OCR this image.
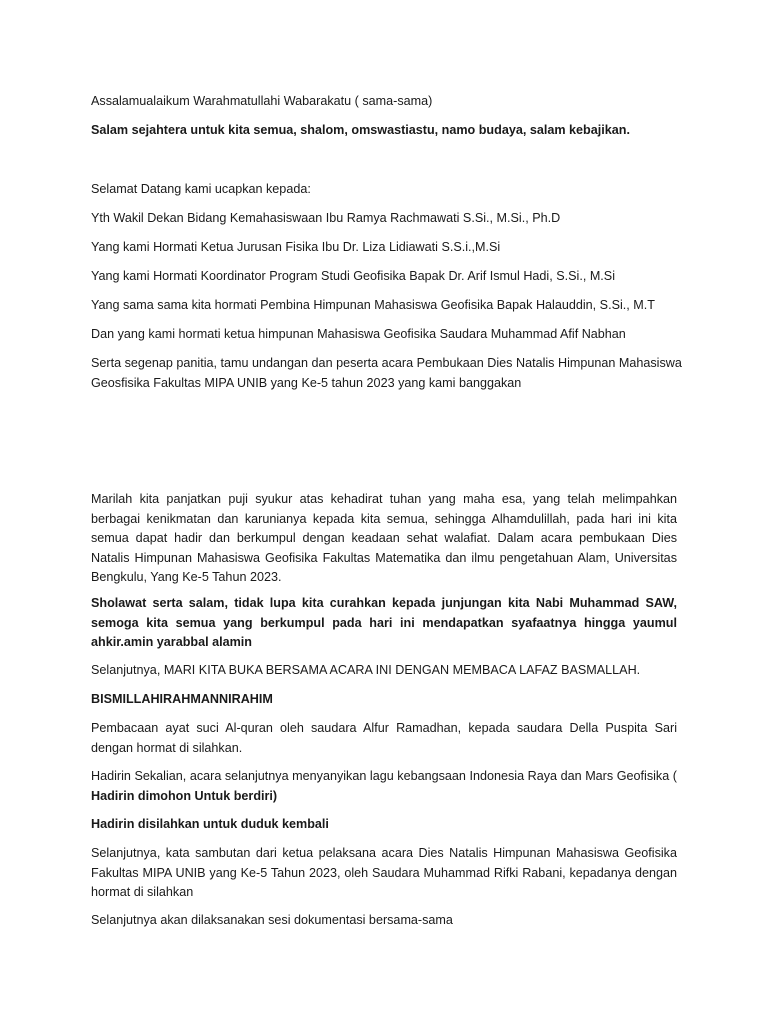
Assalamualaikum Warahmatullahi Wabarakatu ( sama-sama)

Salam sejahtera untuk kita semua, shalom, omswastiastu, namo budaya, salam kebajikan.

Selamat Datang kami ucapkan kepada:

Yth Wakil Dekan Bidang Kemahasiswaan Ibu Ramya Rachmawati S.Si., M.Si., Ph.D

Yang kami Hormati Ketua Jurusan Fisika Ibu Dr. Liza Lidiawati S.S.i.,M.Si

Yang kami Hormati Koordinator Program Studi Geofisika Bapak Dr. Arif Ismul Hadi, S.Si., M.Si

Yang sama sama kita hormati Pembina Himpunan Mahasiswa Geofisika Bapak Halauddin, S.Si., M.T

Dan yang kami hormati ketua himpunan Mahasiswa Geofisika Saudara Muhammad Afif Nabhan

Serta segenap panitia, tamu undangan dan peserta acara Pembukaan Dies Natalis Himpunan Mahasiswa Geosfisika Fakultas MIPA UNIB yang Ke-5 tahun 2023 yang kami banggakan

Marilah kita panjatkan puji syukur atas kehadirat tuhan yang maha esa, yang telah melimpahkan berbagai kenikmatan dan karunianya kepada kita semua, sehingga Alhamdulillah, pada hari ini kita semua dapat hadir dan berkumpul dengan keadaan sehat walafiat. Dalam acara pembukaan Dies Natalis Himpunan Mahasiswa Geofisika Fakultas Matematika dan ilmu pengetahuan Alam, Universitas Bengkulu, Yang Ke-5 Tahun 2023.

Sholawat serta salam, tidak lupa kita curahkan kepada junjungan kita Nabi Muhammad SAW, semoga kita semua yang berkumpul pada hari ini mendapatkan syafaatnya hingga yaumul ahkir.amin yarabbal alamin

Selanjutnya, MARI KITA BUKA BERSAMA ACARA INI DENGAN MEMBACA LAFAZ BASMALLAH.

BISMILLAHIRAHMANNIRAHIM

Pembacaan ayat suci Al-quran oleh saudara Alfur Ramadhan, kepada saudara Della Puspita Sari dengan hormat di silahkan.

Hadirin Sekalian, acara selanjutnya menyanyikan lagu kebangsaan Indonesia Raya dan Mars Geofisika ( Hadirin dimohon Untuk berdiri)

Hadirin disilahkan untuk duduk kembali

Selanjutnya, kata sambutan dari ketua pelaksana acara Dies Natalis Himpunan Mahasiswa Geofisika Fakultas MIPA UNIB yang Ke-5 Tahun 2023, oleh Saudara Muhammad Rifki Rabani, kepadanya dengan hormat di silahkan

Selanjutnya akan dilaksanakan sesi dokumentasi bersama-sama
